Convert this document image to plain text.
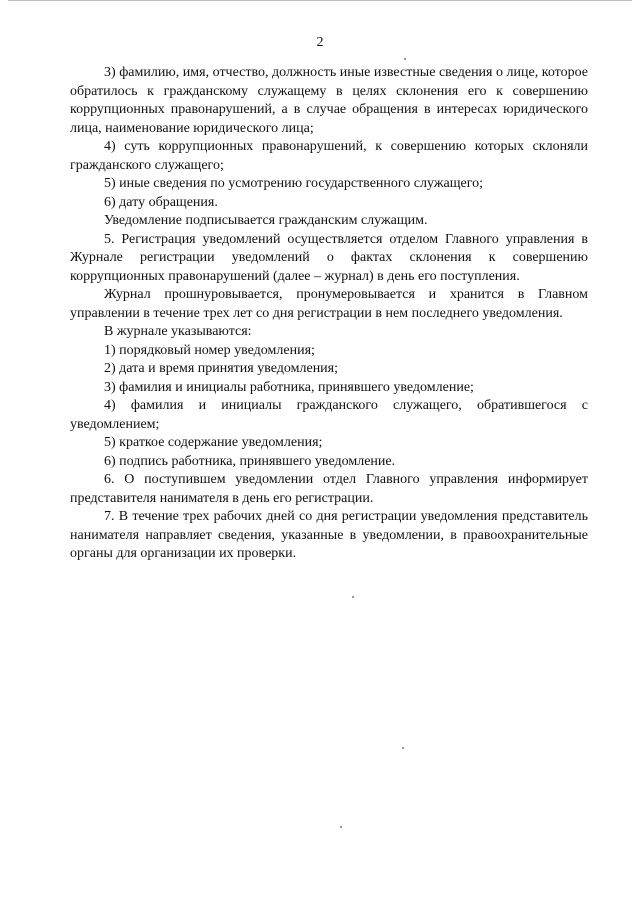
2

3) фамилию, имя, отчество, должность иные известные сведения о лице, которое обратилось к гражданскому служащему в целях склонения его к совершению коррупционных правонарушений, а в случае обращения в интересах юридического лица, наименование юридического лица;

4) суть коррупционных правонарушений, к совершению которых склоняли гражданского служащего;

5) иные сведения по усмотрению государственного служащего;

6) дату обращения.

Уведомление подписывается гражданским служащим.

5. Регистрация уведомлений осуществляется отделом Главного управления в Журнале регистрации уведомлений о фактах склонения к совершению коррупционных правонарушений (далее – журнал) в день его поступления.

Журнал прошнуровывается, пронумеровывается и хранится в Главном управлении в течение трех лет со дня регистрации в нем последнего уведомления.

В журнале указываются:

1) порядковый номер уведомления;

2) дата и время принятия уведомления;

3) фамилия и инициалы работника, принявшего уведомление;

4) фамилия и инициалы гражданского служащего, обратившегося с уведомлением;

5) краткое содержание уведомления;

6) подпись работника, принявшего уведомление.

6. О поступившем уведомлении отдел Главного управления информирует представителя нанимателя в день его регистрации.

7. В течение трех рабочих дней со дня регистрации уведомления представитель нанимателя направляет сведения, указанные в уведомлении, в правоохранительные органы для организации их проверки.
